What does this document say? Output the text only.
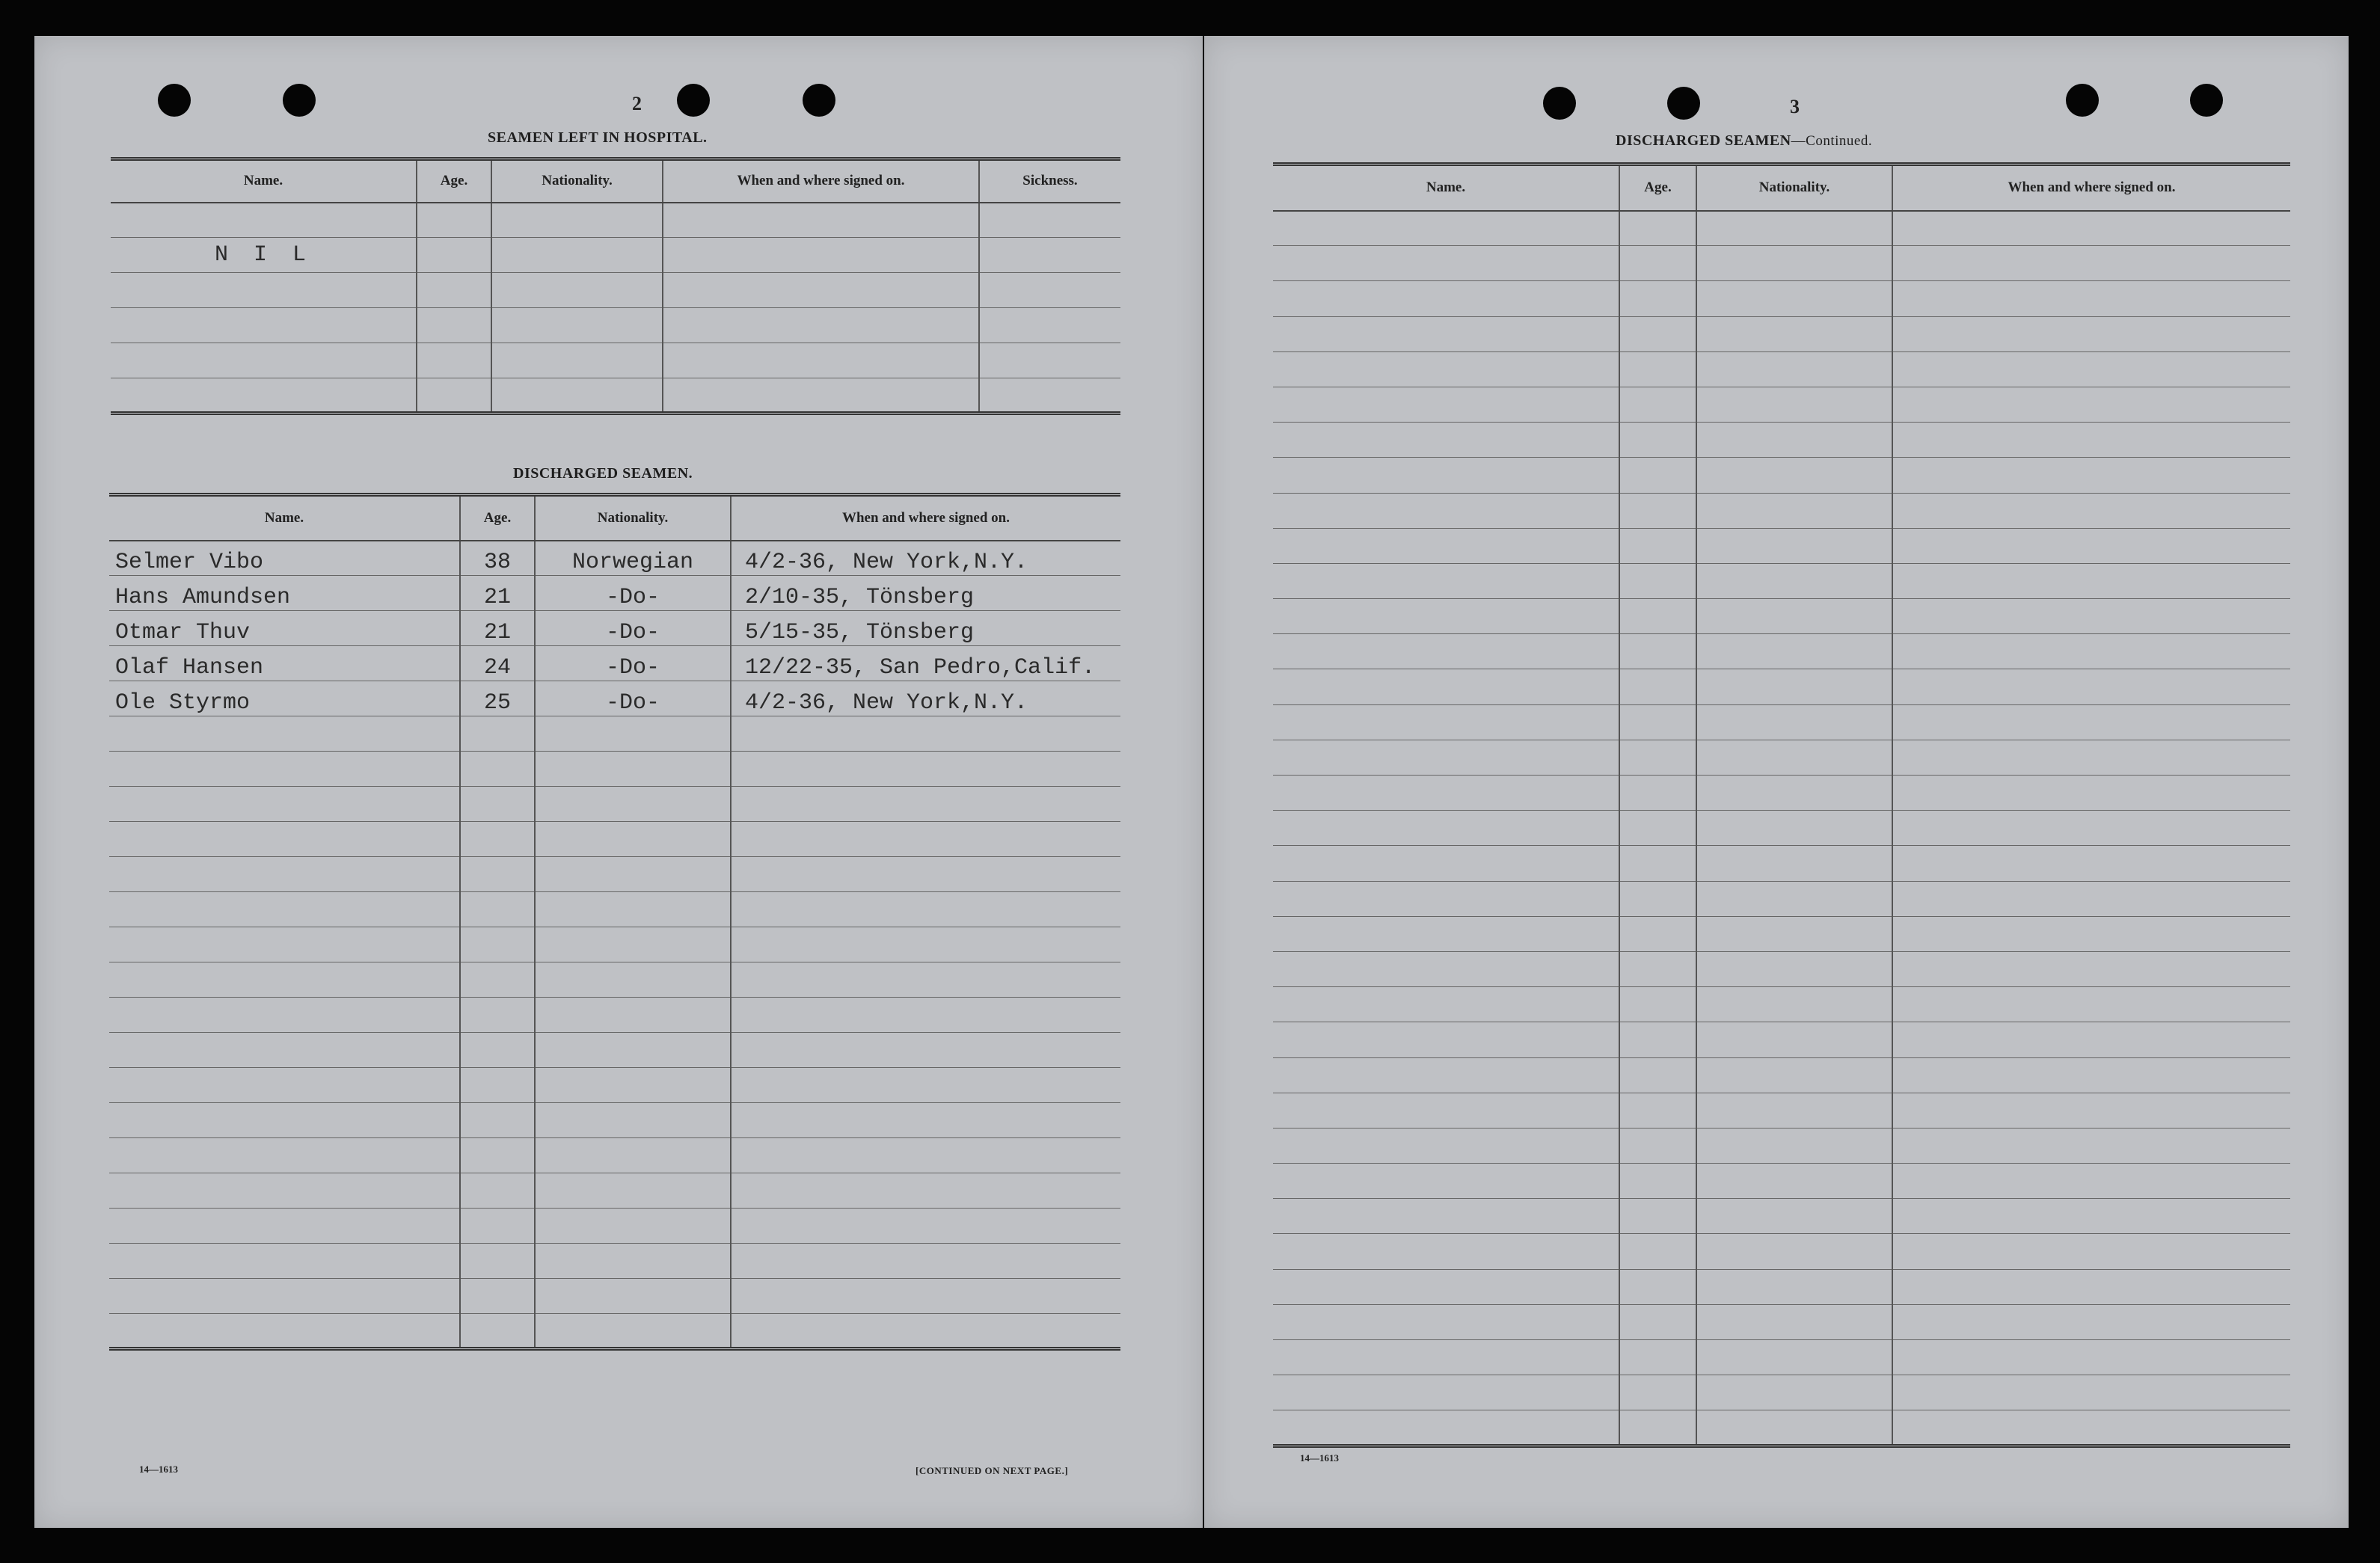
2
SEAMEN LEFT IN HOSPITAL.
Name.	Age.	Nationality.	When and where signed on.	Sickness.

N I L				

DISCHARGED SEAMEN.
Name.	Age.	Nationality.	When and where signed on.
Selmer Vibo	38	Norwegian	4/2-36, New York,N.Y.
Hans Amundsen	21	-Do-	2/10-35, Tönsberg
Otmar Thuv	21	-Do-	5/15-35, Tönsberg
Olaf Hansen	24	-Do-	12/22-35, San Pedro,Calif.
Ole Styrmo	25	-Do-	4/2-36, New York,N.Y.

14—1613	[CONTINUED ON NEXT PAGE.]
3
DISCHARGED SEAMEN—Continued.
Name.	Age.	Nationality.	When and where signed on.

14—1613
